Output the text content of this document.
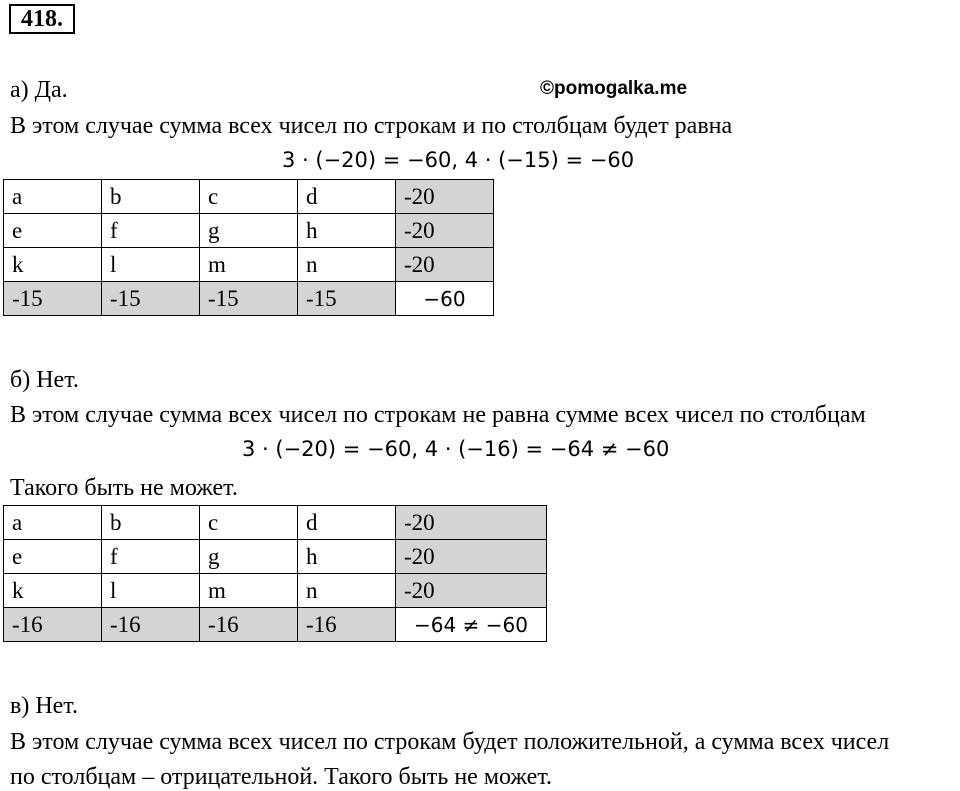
418.
а) Да.	©pomogalka.me
В этом случае сумма всех чисел по строкам и по столбцам будет равна
3 ⋅ (−20) = −60, 4 ⋅ (−15) = −60
a	b	c	d	-20
e	f	g	h	-20
k	l	m	n	-20
-15	-15	-15	-15	−60
б) Нет.
В этом случае сумма всех чисел по строкам не равна сумме всех чисел по столбцам
3 ⋅ (−20) = −60, 4 ⋅ (−16) = −64 ≠ −60
Такого быть не может.
a	b	c	d	-20
e	f	g	h	-20
k	l	m	n	-20
-16	-16	-16	-16	−64 ≠ −60
в) Нет.
В этом случае сумма всех чисел по строкам будет положительной, а сумма всех чисел
по столбцам – отрицательной. Такого быть не может.
